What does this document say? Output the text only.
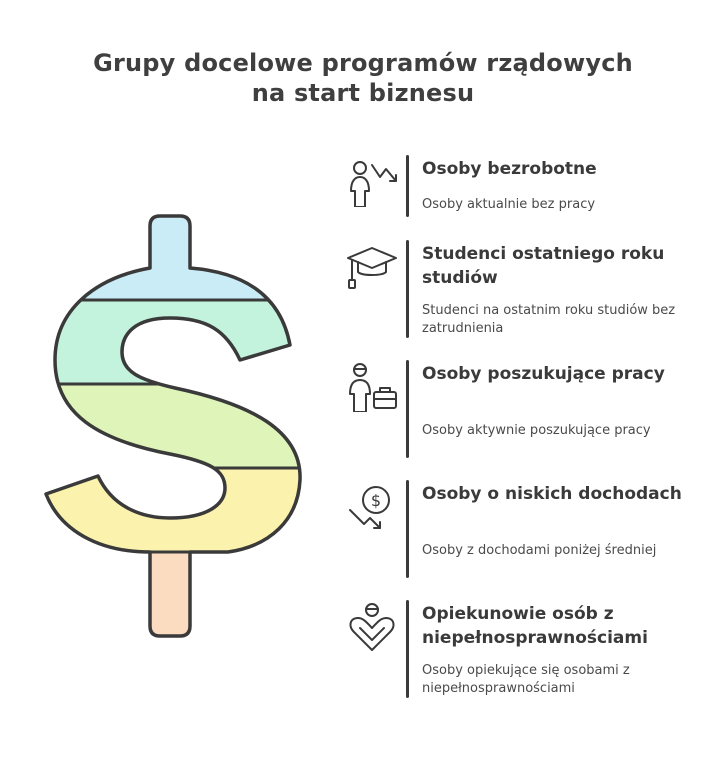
Grupy docelowe programów rządowych
na start biznesu
Osoby bezrobotne
Osoby aktualnie bez pracy
Studenci ostatniego roku studiów
Studenci na ostatnim roku studiów bez zatrudnienia
Osoby poszukujące pracy
Osoby aktywnie poszukujące pracy
$ Osoby o niskich dochodach
Osoby z dochodami poniżej średniej
Opiekunowie osób z niepełnosprawnościami
Osoby opiekujące się osobami z niepełnosprawnościami
